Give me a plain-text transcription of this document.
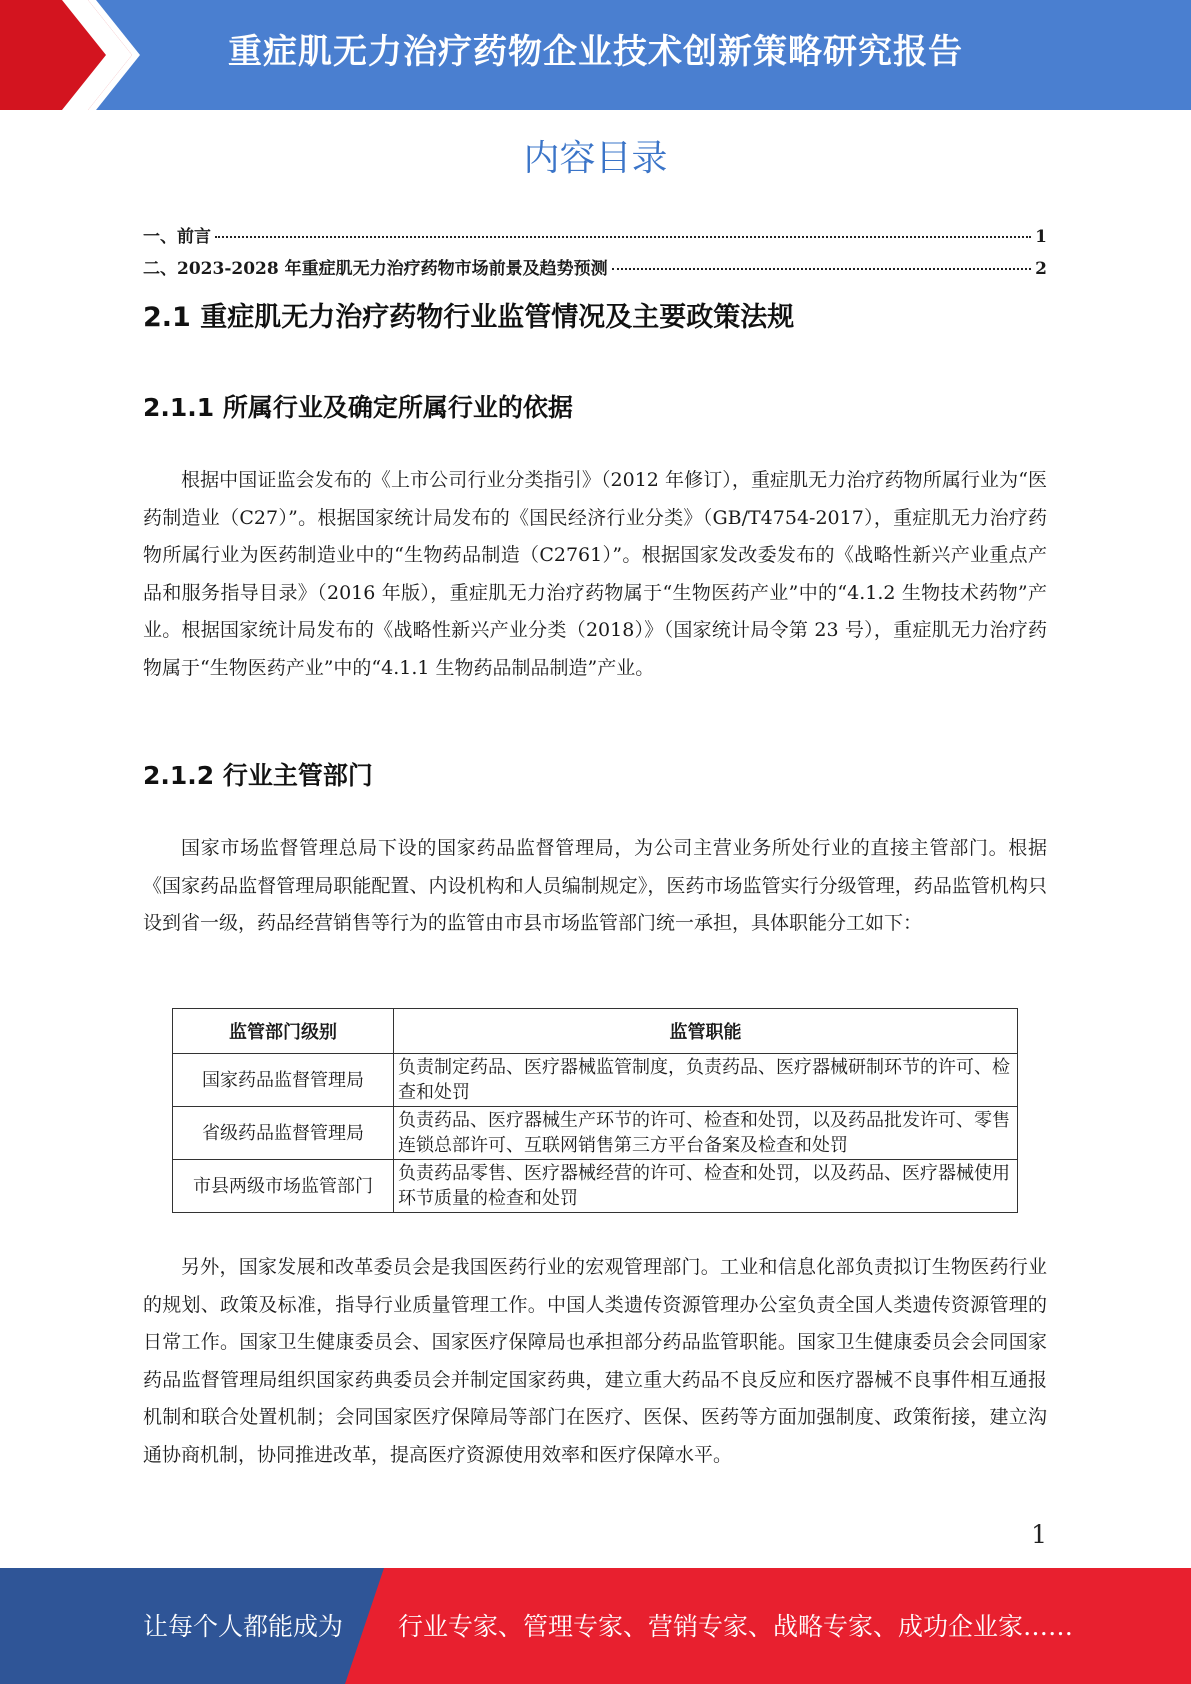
重症肌无力治疗药物企业技术创新策略研究报告
内容目录
一、前言	1
二、2023-2028 年重症肌无力治疗药物市场前景及趋势预测	2
2.1 重症肌无力治疗药物行业监管情况及主要政策法规
2.1.1 所属行业及确定所属行业的依据
根据中国证监会发布的《上市公司行业分类指引》（2012 年修订），重症肌无力治疗药物所属行业为“医药制造业（C27）”。根据国家统计局发布的《国民经济行业分类》（GB/T4754-2017），重症肌无力治疗药物所属行业为医药制造业中的“生物药品制造（C2761）”。根据国家发改委发布的《战略性新兴产业重点产品和服务指导目录》（2016 年版），重症肌无力治疗药物属于“生物医药产业”中的“4.1.2 生物技术药物”产业。根据国家统计局发布的《战略性新兴产业分类（2018）》（国家统计局令第 23 号），重症肌无力治疗药物属于“生物医药产业”中的“4.1.1 生物药品制品制造”产业。
2.1.2 行业主管部门
国家市场监督管理总局下设的国家药品监督管理局，为公司主营业务所处行业的直接主管部门。根据《国家药品监督管理局职能配置、内设机构和人员编制规定》，医药市场监管实行分级管理，药品监管机构只设到省一级，药品经营销售等行为的监管由市县市场监管部门统一承担，具体职能分工如下：
监管部门级别	监管职能
国家药品监督管理局	负责制定药品、医疗器械监管制度，负责药品、医疗器械研制环节的许可、检查和处罚
省级药品监督管理局	负责药品、医疗器械生产环节的许可、检查和处罚，以及药品批发许可、零售连锁总部许可、互联网销售第三方平台备案及检查和处罚
市县两级市场监管部门	负责药品零售、医疗器械经营的许可、检查和处罚，以及药品、医疗器械使用环节质量的检查和处罚
另外，国家发展和改革委员会是我国医药行业的宏观管理部门。工业和信息化部负责拟订生物医药行业的规划、政策及标准，指导行业质量管理工作。中国人类遗传资源管理办公室负责全国人类遗传资源管理的日常工作。国家卫生健康委员会、国家医疗保障局也承担部分药品监管职能。国家卫生健康委员会会同国家药品监督管理局组织国家药典委员会并制定国家药典，建立重大药品不良反应和医疗器械不良事件相互通报机制和联合处置机制；会同国家医疗保障局等部门在医疗、医保、医药等方面加强制度、政策衔接，建立沟通协商机制，协同推进改革，提高医疗资源使用效率和医疗保障水平。
1
让每个人都能成为 行业专家、管理专家、营销专家、战略专家、成功企业家……
